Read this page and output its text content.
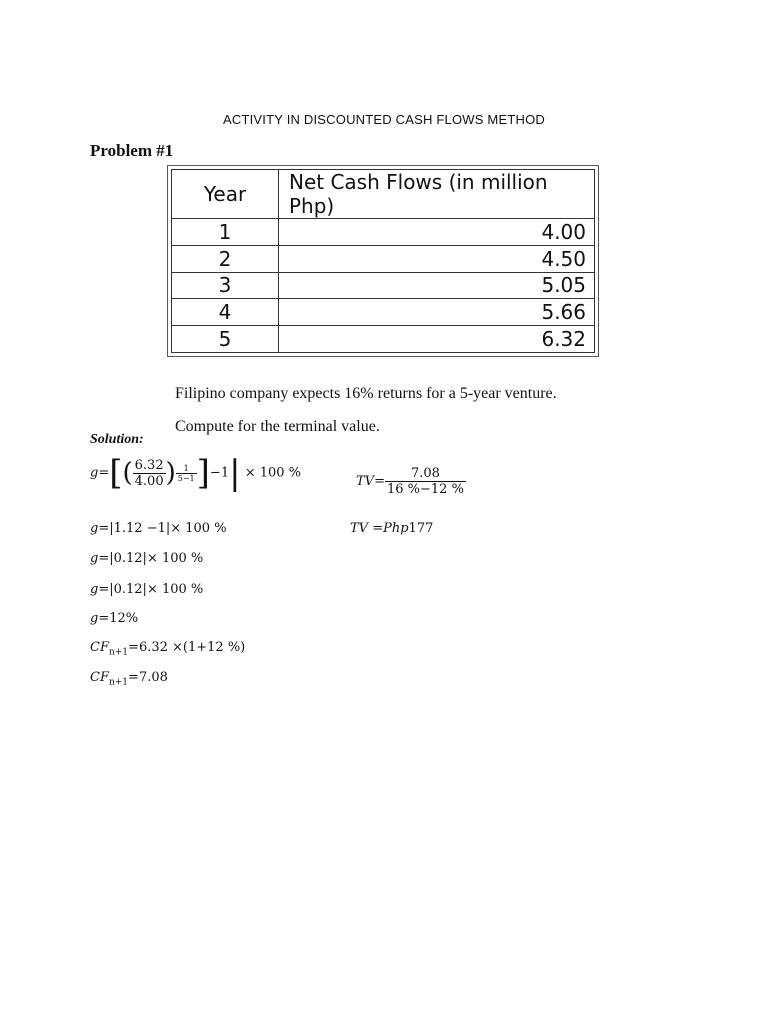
ACTIVITY IN DISCOUNTED CASH FLOWS METHOD
Problem #1
Year	Net Cash Flows (in million Php)
1	4.00
2	4.50
3	5.05
4	5.66
5	6.32
Filipino company expects 16% returns for a 5-year venture.
Compute for the terminal value.
Solution:
$g=[( \frac{6.32}{4.00}$ ) $\frac{1}{5-1} ]-1| \times 100$ %
$TV= \frac{7.08}{16 \%-12 \%}$
g=|1.12 −1|× 100 %	TV =Php177
g=|0.12|× 100 %
g=|0.12|× 100 %
g=12%
$CF_{n+1}=6.32 \times(1+12$ %)
$CF_{n+1}=7.08$
